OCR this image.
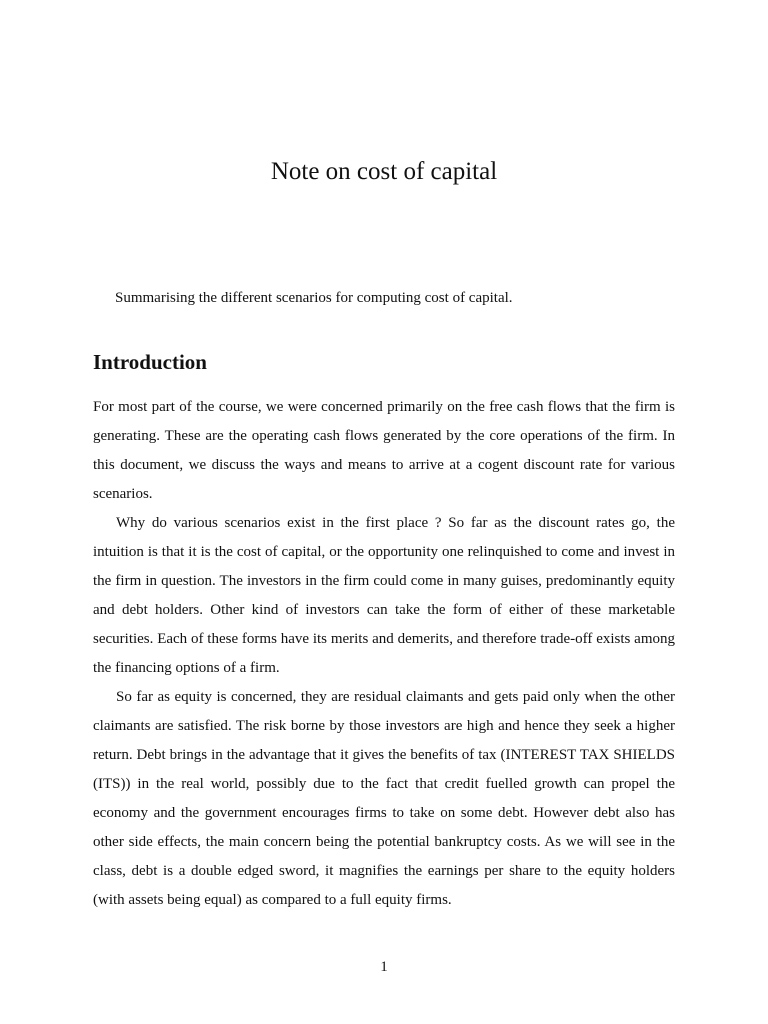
Note on cost of capital

Summarising the different scenarios for computing cost of capital.

Introduction

For most part of the course, we were concerned primarily on the free cash flows that the firm is generating. These are the operating cash flows generated by the core operations of the firm. In this document, we discuss the ways and means to arrive at a cogent discount rate for various scenarios.

Why do various scenarios exist in the first place ? So far as the discount rates go, the intuition is that it is the cost of capital, or the opportunity one relinquished to come and invest in the firm in question. The investors in the firm could come in many guises, predominantly equity and debt holders. Other kind of investors can take the form of either of these marketable securities. Each of these forms have its merits and demerits, and therefore trade-off exists among the financing options of a firm.

So far as equity is concerned, they are residual claimants and gets paid only when the other claimants are satisfied. The risk borne by those investors are high and hence they seek a higher return. Debt brings in the advantage that it gives the benefits of tax (INTEREST TAX SHIELDS (ITS)) in the real world, possibly due to the fact that credit fuelled growth can propel the economy and the government encourages firms to take on some debt. However debt also has other side effects, the main concern being the potential bankruptcy costs. As we will see in the class, debt is a double edged sword, it magnifies the earnings per share to the equity holders (with assets being equal) as compared to a full equity firms.

1
